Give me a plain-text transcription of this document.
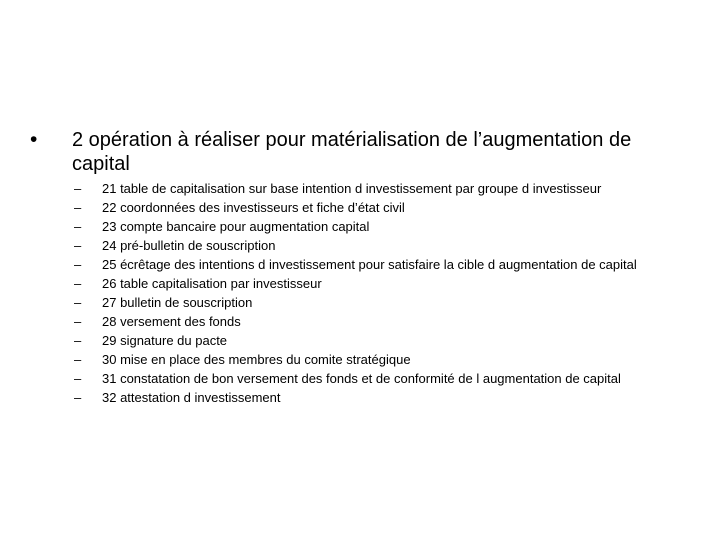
• 2 opération à réaliser pour matérialisation de l’augmentation de capital
– 21 table de capitalisation sur base intention d investissement par groupe d investisseur
– 22 coordonnées des investisseurs et fiche d’état civil
– 23 compte bancaire pour augmentation capital
– 24 pré-bulletin de souscription
– 25 écrêtage des intentions d investissement pour satisfaire la cible d augmentation de capital
– 26 table capitalisation par investisseur
– 27 bulletin de souscription
– 28 versement des fonds
– 29 signature du pacte
– 30 mise en place des membres du comite stratégique
– 31 constatation de bon versement des fonds et de conformité de l augmentation de capital
– 32 attestation d investissement
